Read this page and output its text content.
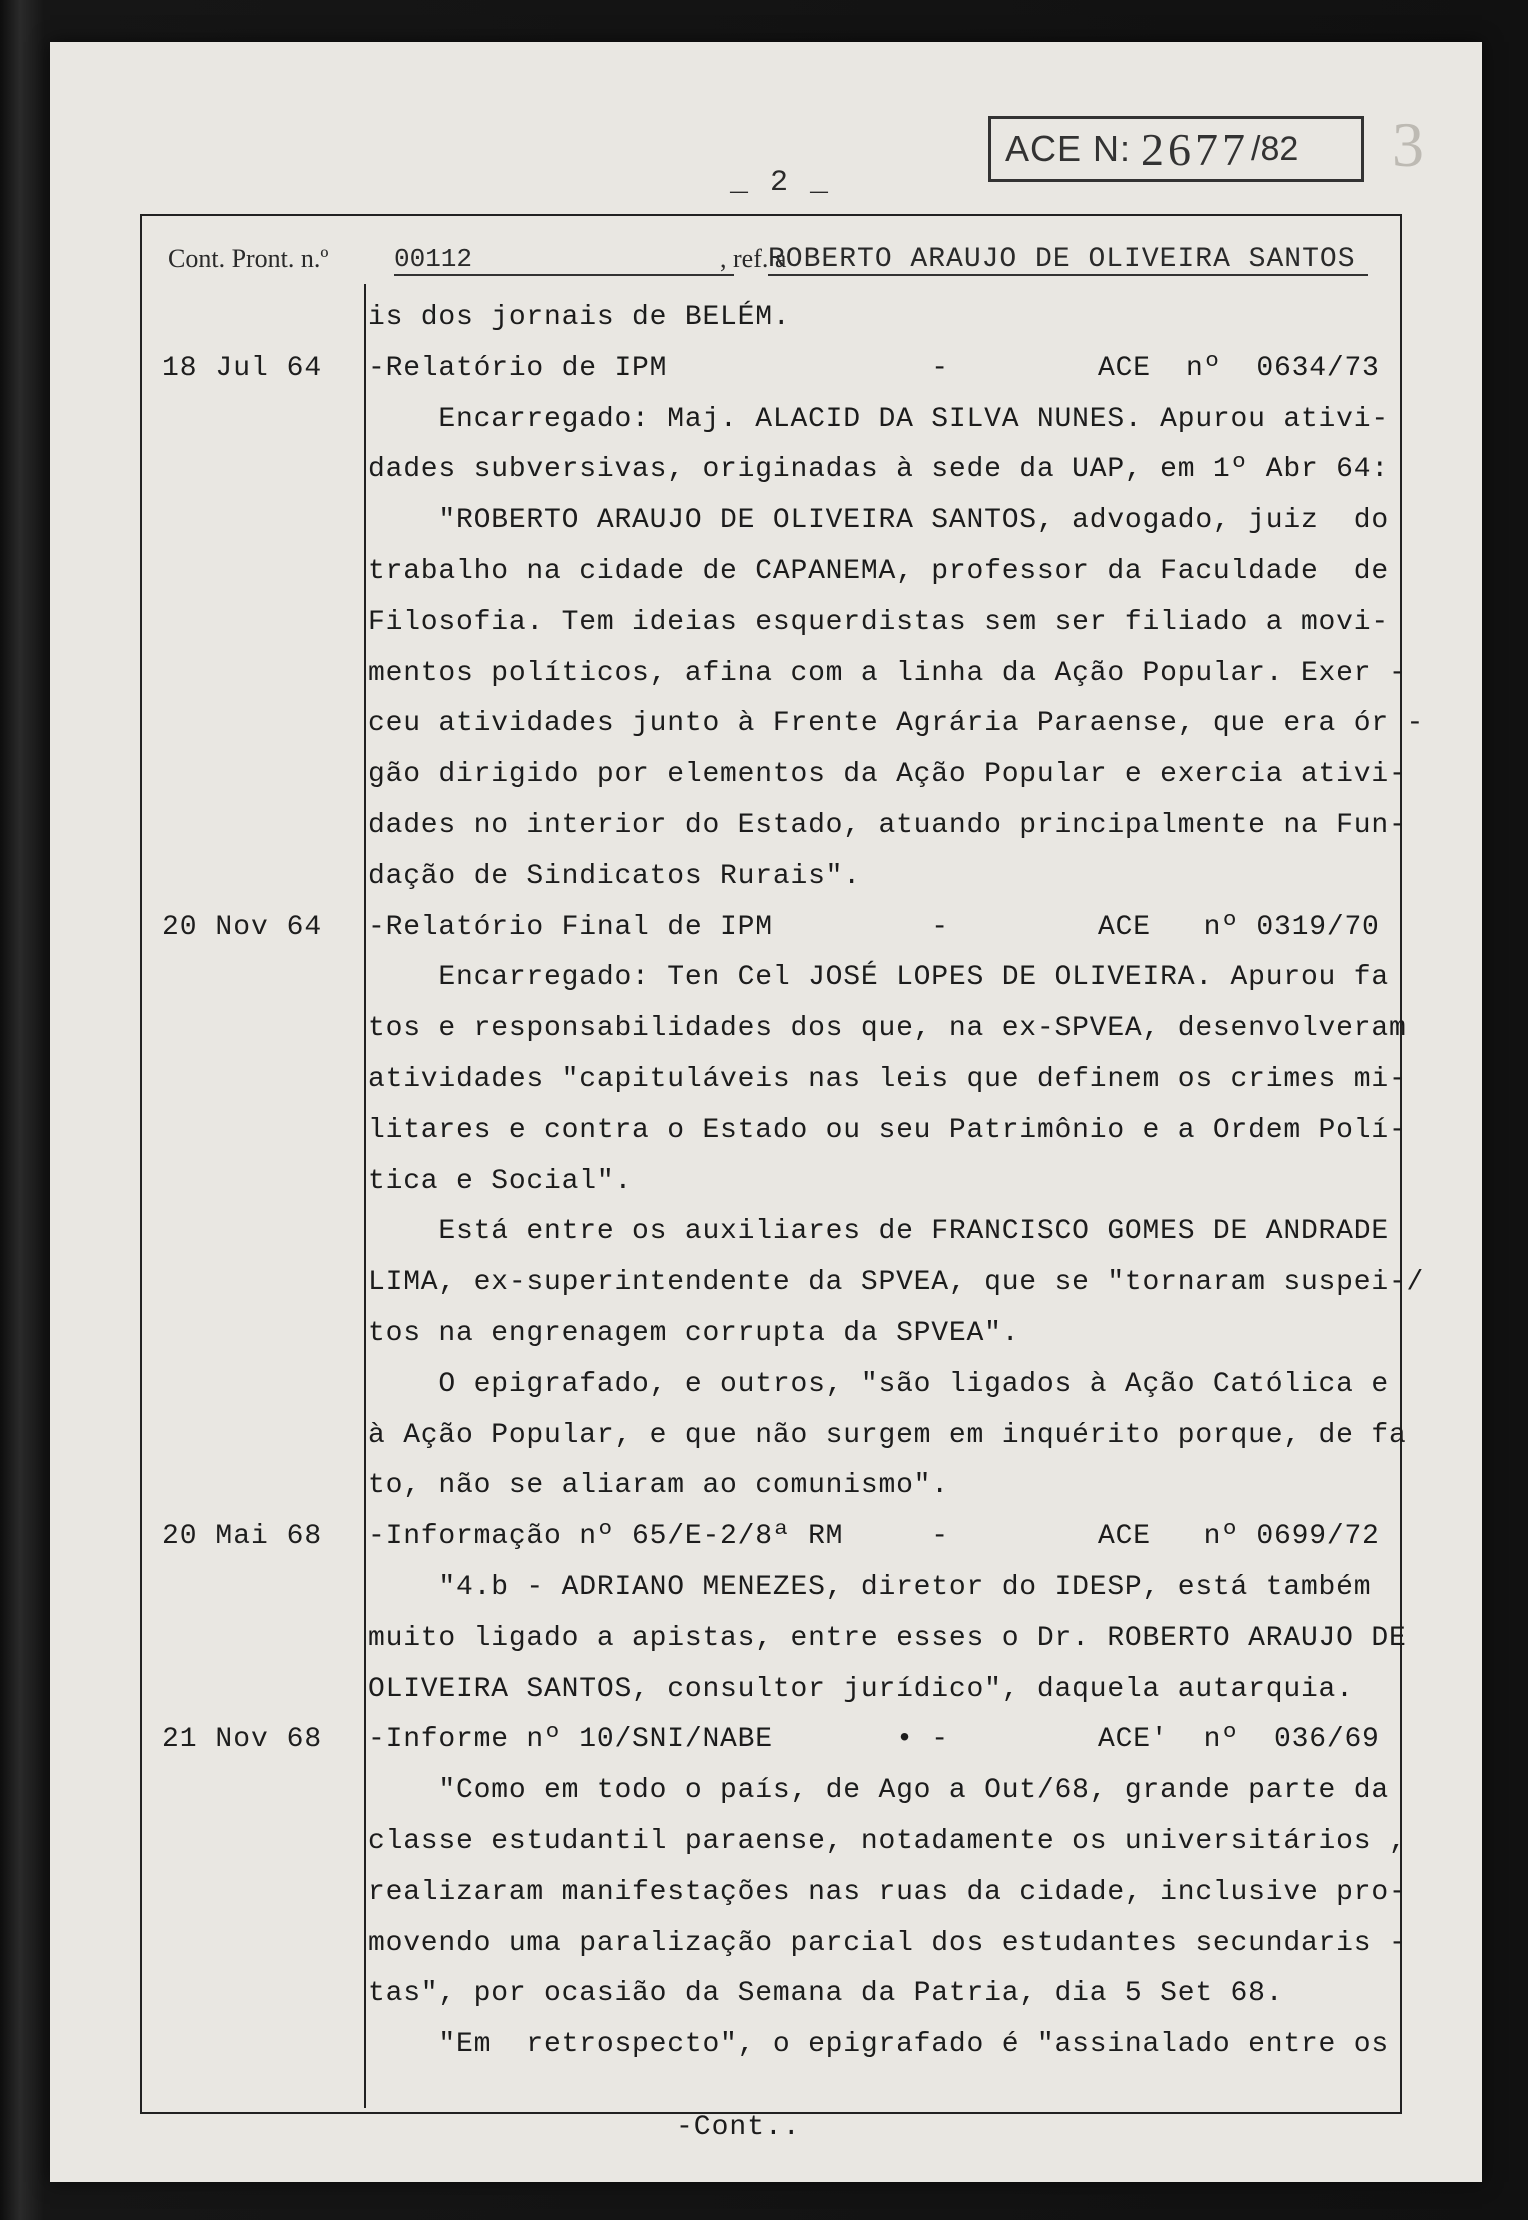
_ 2 _
ACE N: 2677 /82 3
Cont. Pront. n.º	00112	, ref. a
ROBERTO ARAUJO DE OLIVEIRA SANTOS
is dos jornais de BELÉM.
18 Jul 64	-Relatório de IPM               -	ACE  nº  0634/73
Encarregado: Maj. ALACID DA SILVA NUNES. Apurou ativi-
dades subversivas, originadas à sede da UAP, em 1º Abr 64:
"ROBERTO ARAUJO DE OLIVEIRA SANTOS, advogado, juiz  do
trabalho na cidade de CAPANEMA, professor da Faculdade  de
Filosofia. Tem ideias esquerdistas sem ser filiado a movi-
mentos políticos, afina com a linha da Ação Popular. Exer -
ceu atividades junto à Frente Agrária Paraense, que era ór -
gão dirigido por elementos da Ação Popular e exercia ativi-
dades no interior do Estado, atuando principalmente na Fun-
dação de Sindicatos Rurais".
20 Nov 64	-Relatório Final de IPM         -	ACE   nº 0319/70
Encarregado: Ten Cel JOSÉ LOPES DE OLIVEIRA. Apurou fa
tos e responsabilidades dos que, na ex-SPVEA, desenvolveram
atividades "capituláveis nas leis que definem os crimes mi-
litares e contra o Estado ou seu Patrimônio e a Ordem Polí-
tica e Social".
Está entre os auxiliares de FRANCISCO GOMES DE ANDRADE
LIMA, ex-superintendente da SPVEA, que se "tornaram suspei-/
tos na engrenagem corrupta da SPVEA".
O epigrafado, e outros, "são ligados à Ação Católica e
à Ação Popular, e que não surgem em inquérito porque, de fa
to, não se aliaram ao comunismo".
20 Mai 68	-Informação nº 65/E-2/8ª RM     -	ACE   nº 0699/72
"4.b - ADRIANO MENEZES, diretor do IDESP, está também
muito ligado a apistas, entre esses o Dr. ROBERTO ARAUJO DE
OLIVEIRA SANTOS, consultor jurídico", daquela autarquia.
21 Nov 68	-Informe nº 10/SNI/NABE       • -	ACE'  nº  036/69
"Como em todo o país, de Ago a Out/68, grande parte da
classe estudantil paraense, notadamente os universitários ,
realizaram manifestações nas ruas da cidade, inclusive pro-
movendo uma paralização parcial dos estudantes secundaris -
tas", por ocasião da Semana da Patria, dia 5 Set 68.
"Em  retrospecto", o epigrafado é "assinalado entre os
-Cont..
